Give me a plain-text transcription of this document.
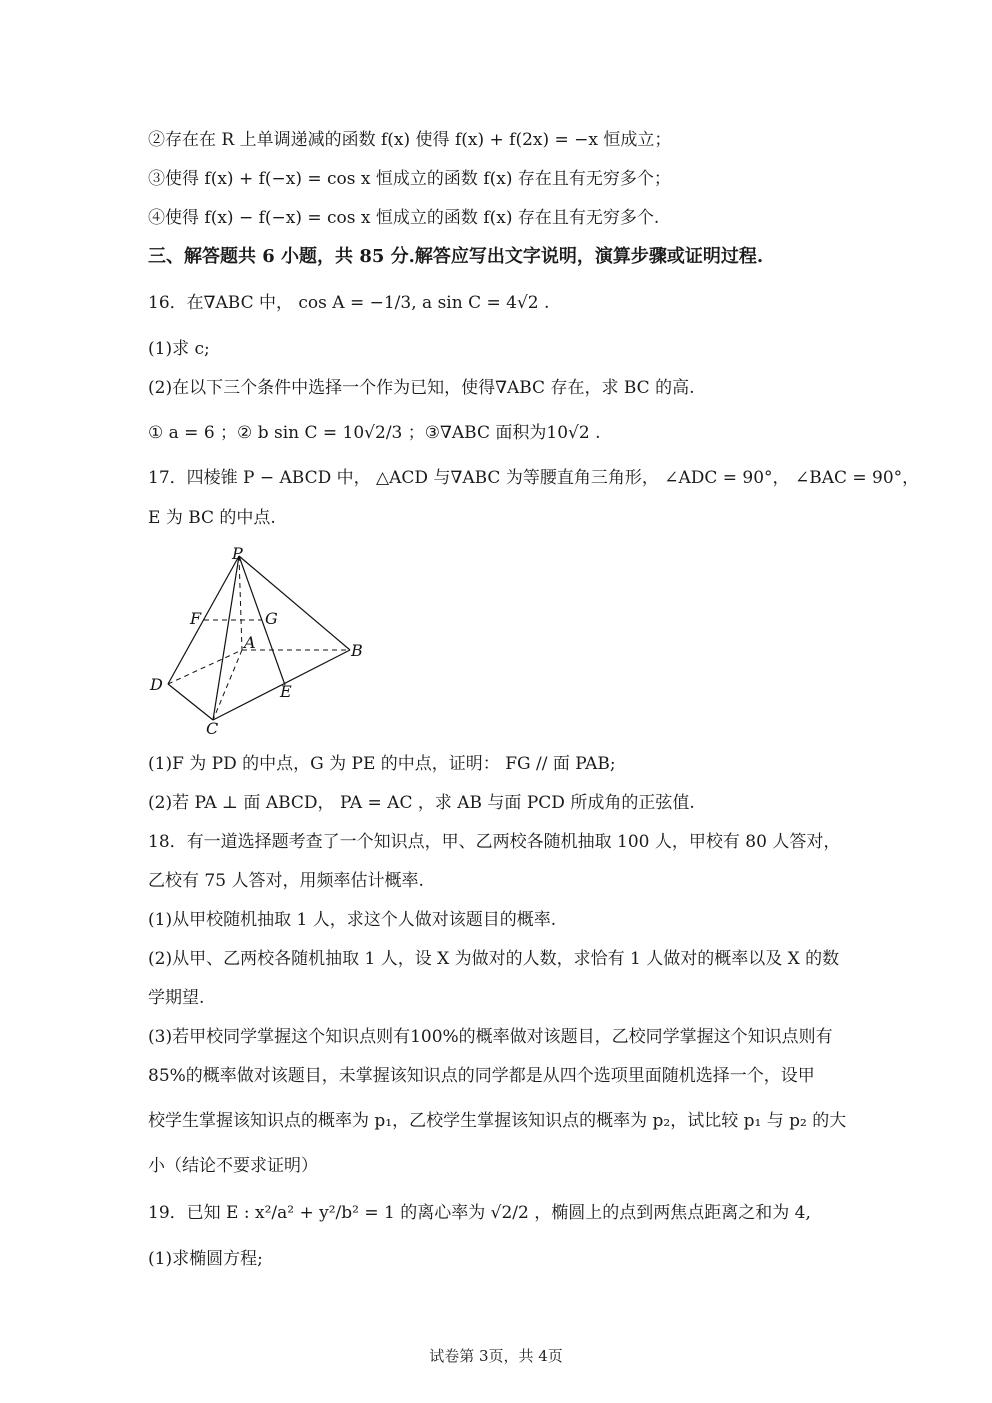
②存在在 R 上单调递减的函数 f(x) 使得 f(x) + f(2x) = −x 恒成立；
③使得 f(x) + f(−x) = cos x 恒成立的函数 f(x) 存在且有无穷多个；
④使得 f(x) − f(−x) = cos x 恒成立的函数 f(x) 存在且有无穷多个.
三、解答题共 6 小题，共 85 分.解答应写出文字说明，演算步骤或证明过程.
16．在∇ABC 中， cos A = −1/3, a sin C = 4√2 .
(1)求 c;
(2)在以下三个条件中选择一个作为已知，使得∇ABC 存在，求 BC 的高.
① a = 6 ；② b sin C = 10√2/3 ；③∇ABC 面积为10√2 .
17．四棱锥 P − ABCD 中， △ACD 与∇ABC 为等腰直角三角形， ∠ADC = 90°， ∠BAC = 90°，
E 为 BC 的中点.
P
F	G
A	B
D	E
C
(1)F 为 PD 的中点，G 为 PE 的中点，证明： FG // 面 PAB;
(2)若 PA ⊥ 面 ABCD， PA = AC ，求 AB 与面 PCD 所成角的正弦值.
18．有一道选择题考查了一个知识点，甲、乙两校各随机抽取 100 人，甲校有 80 人答对，
乙校有 75 人答对，用频率估计概率.
(1)从甲校随机抽取 1 人，求这个人做对该题目的概率.
(2)从甲、乙两校各随机抽取 1 人，设 X 为做对的人数，求恰有 1 人做对的概率以及 X 的数
学期望.
(3)若甲校同学掌握这个知识点则有100%的概率做对该题目，乙校同学掌握这个知识点则有
85%的概率做对该题目，未掌握该知识点的同学都是从四个选项里面随机选择一个，设甲
校学生掌握该知识点的概率为 p₁，乙校学生掌握该知识点的概率为 p₂，试比较 p₁ 与 p₂ 的大
小（结论不要求证明）
19．已知 E : x²/a² + y²/b² = 1 的离心率为 √2/2 ，椭圆上的点到两焦点距离之和为 4,
(1)求椭圆方程;
试卷第 3页，共 4页
